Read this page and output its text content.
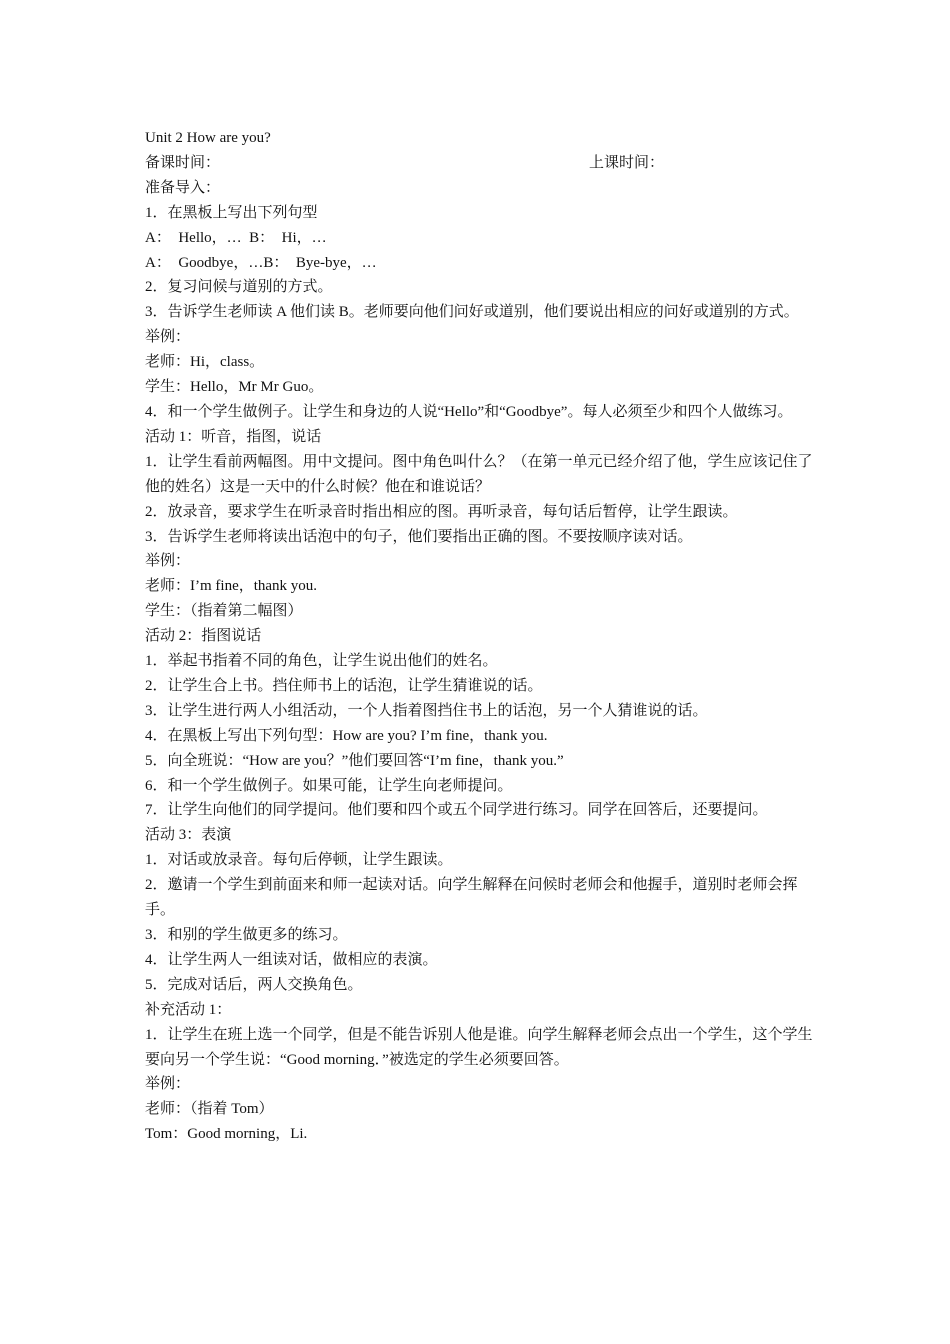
Unit 2 How are you?
备课时间：	上课时间：
准备导入：
1．在黑板上写出下列句型
A：  Hello，…  B：  Hi，…
A：  Goodbye，…B：  Bye-bye，…
2．复习问候与道别的方式。
3．告诉学生老师读 A 他们读 B。老师要向他们问好或道别，他们要说出相应的问好或道别的方式。
举例：
老师：Hi，class。
学生：Hello，Mr Mr Guo。
4．和一个学生做例子。让学生和身边的人说“Hello”和“Goodbye”。每人必须至少和四个人做练习。
活动 1：听音，指图，说话
1．让学生看前两幅图。用中文提问。图中角色叫什么？（在第一单元已经介绍了他，学生应该记住了他的姓名）这是一天中的什么时候？他在和谁说话？
2．放录音，要求学生在听录音时指出相应的图。再听录音，每句话后暂停，让学生跟读。
3．告诉学生老师将读出话泡中的句子，他们要指出正确的图。不要按顺序读对话。
举例：
老师：I’m fine，thank you.
学生：（指着第二幅图）
活动 2：指图说话
1．举起书指着不同的角色，让学生说出他们的姓名。
2．让学生合上书。挡住师书上的话泡，让学生猜谁说的话。
3．让学生进行两人小组活动，一个人指着图挡住书上的话泡，另一个人猜谁说的话。
4．在黑板上写出下列句型：How are you? I’m fine，thank you.
5．向全班说：“How are you？”他们要回答“I’m fine，thank you.”
6．和一个学生做例子。如果可能，让学生向老师提问。
7．让学生向他们的同学提问。他们要和四个或五个同学进行练习。同学在回答后，还要提问。
活动 3：表演
1．对话或放录音。每句后停顿，让学生跟读。
2．邀请一个学生到前面来和师一起读对话。向学生解释在问候时老师会和他握手，道别时老师会挥手。
3．和别的学生做更多的练习。
4．让学生两人一组读对话，做相应的表演。
5．完成对话后，两人交换角色。
补充活动 1：
1．让学生在班上选一个同学，但是不能告诉别人他是谁。向学生解释老师会点出一个学生，这个学生要向另一个学生说：“Good morning．”被选定的学生必须要回答。
举例：
老师：（指着 Tom）
Tom：Good morning，Li.
